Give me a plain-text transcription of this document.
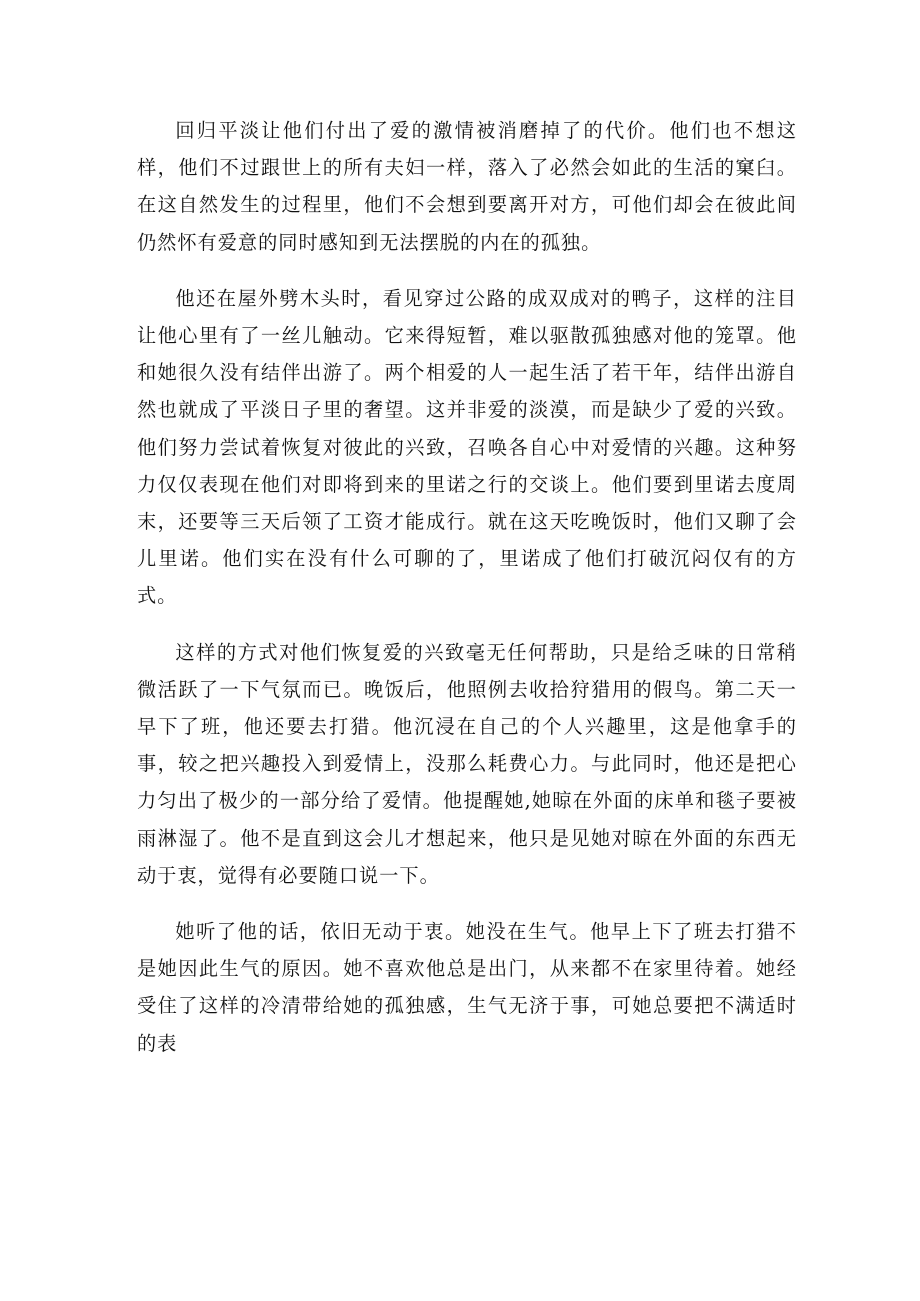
回归平淡让他们付出了爱的激情被消磨掉了的代价。他们也不想这样，他们不过跟世上的所有夫妇一样，落入了必然会如此的生活的窠臼。在这自然发生的过程里，他们不会想到要离开对方，可他们却会在彼此间仍然怀有爱意的同时感知到无法摆脱的内在的孤独。

他还在屋外劈木头时，看见穿过公路的成双成对的鸭子，这样的注目让他心里有了一丝儿触动。它来得短暂，难以驱散孤独感对他的笼罩。他和她很久没有结伴出游了。两个相爱的人一起生活了若干年，结伴出游自然也就成了平淡日子里的奢望。这并非爱的淡漠，而是缺少了爱的兴致。他们努力尝试着恢复对彼此的兴致，召唤各自心中对爱情的兴趣。这种努力仅仅表现在他们对即将到来的里诺之行的交谈上。他们要到里诺去度周末，还要等三天后领了工资才能成行。就在这天吃晚饭时，他们又聊了会儿里诺。他们实在没有什么可聊的了，里诺成了他们打破沉闷仅有的方式。

这样的方式对他们恢复爱的兴致毫无任何帮助，只是给乏味的日常稍微活跃了一下气氛而已。晚饭后，他照例去收拾狩猎用的假鸟。第二天一早下了班，他还要去打猎。他沉浸在自己的个人兴趣里，这是他拿手的事，较之把兴趣投入到爱情上，没那么耗费心力。与此同时，他还是把心力匀出了极少的一部分给了爱情。他提醒她,她晾在外面的床单和毯子要被雨淋湿了。他不是直到这会儿才想起来，他只是见她对晾在外面的东西无动于衷，觉得有必要随口说一下。

她听了他的话，依旧无动于衷。她没在生气。他早上下了班去打猎不是她因此生气的原因。她不喜欢他总是出门，从来都不在家里待着。她经受住了这样的冷清带给她的孤独感，生气无济于事，可她总要把不满适时的表
